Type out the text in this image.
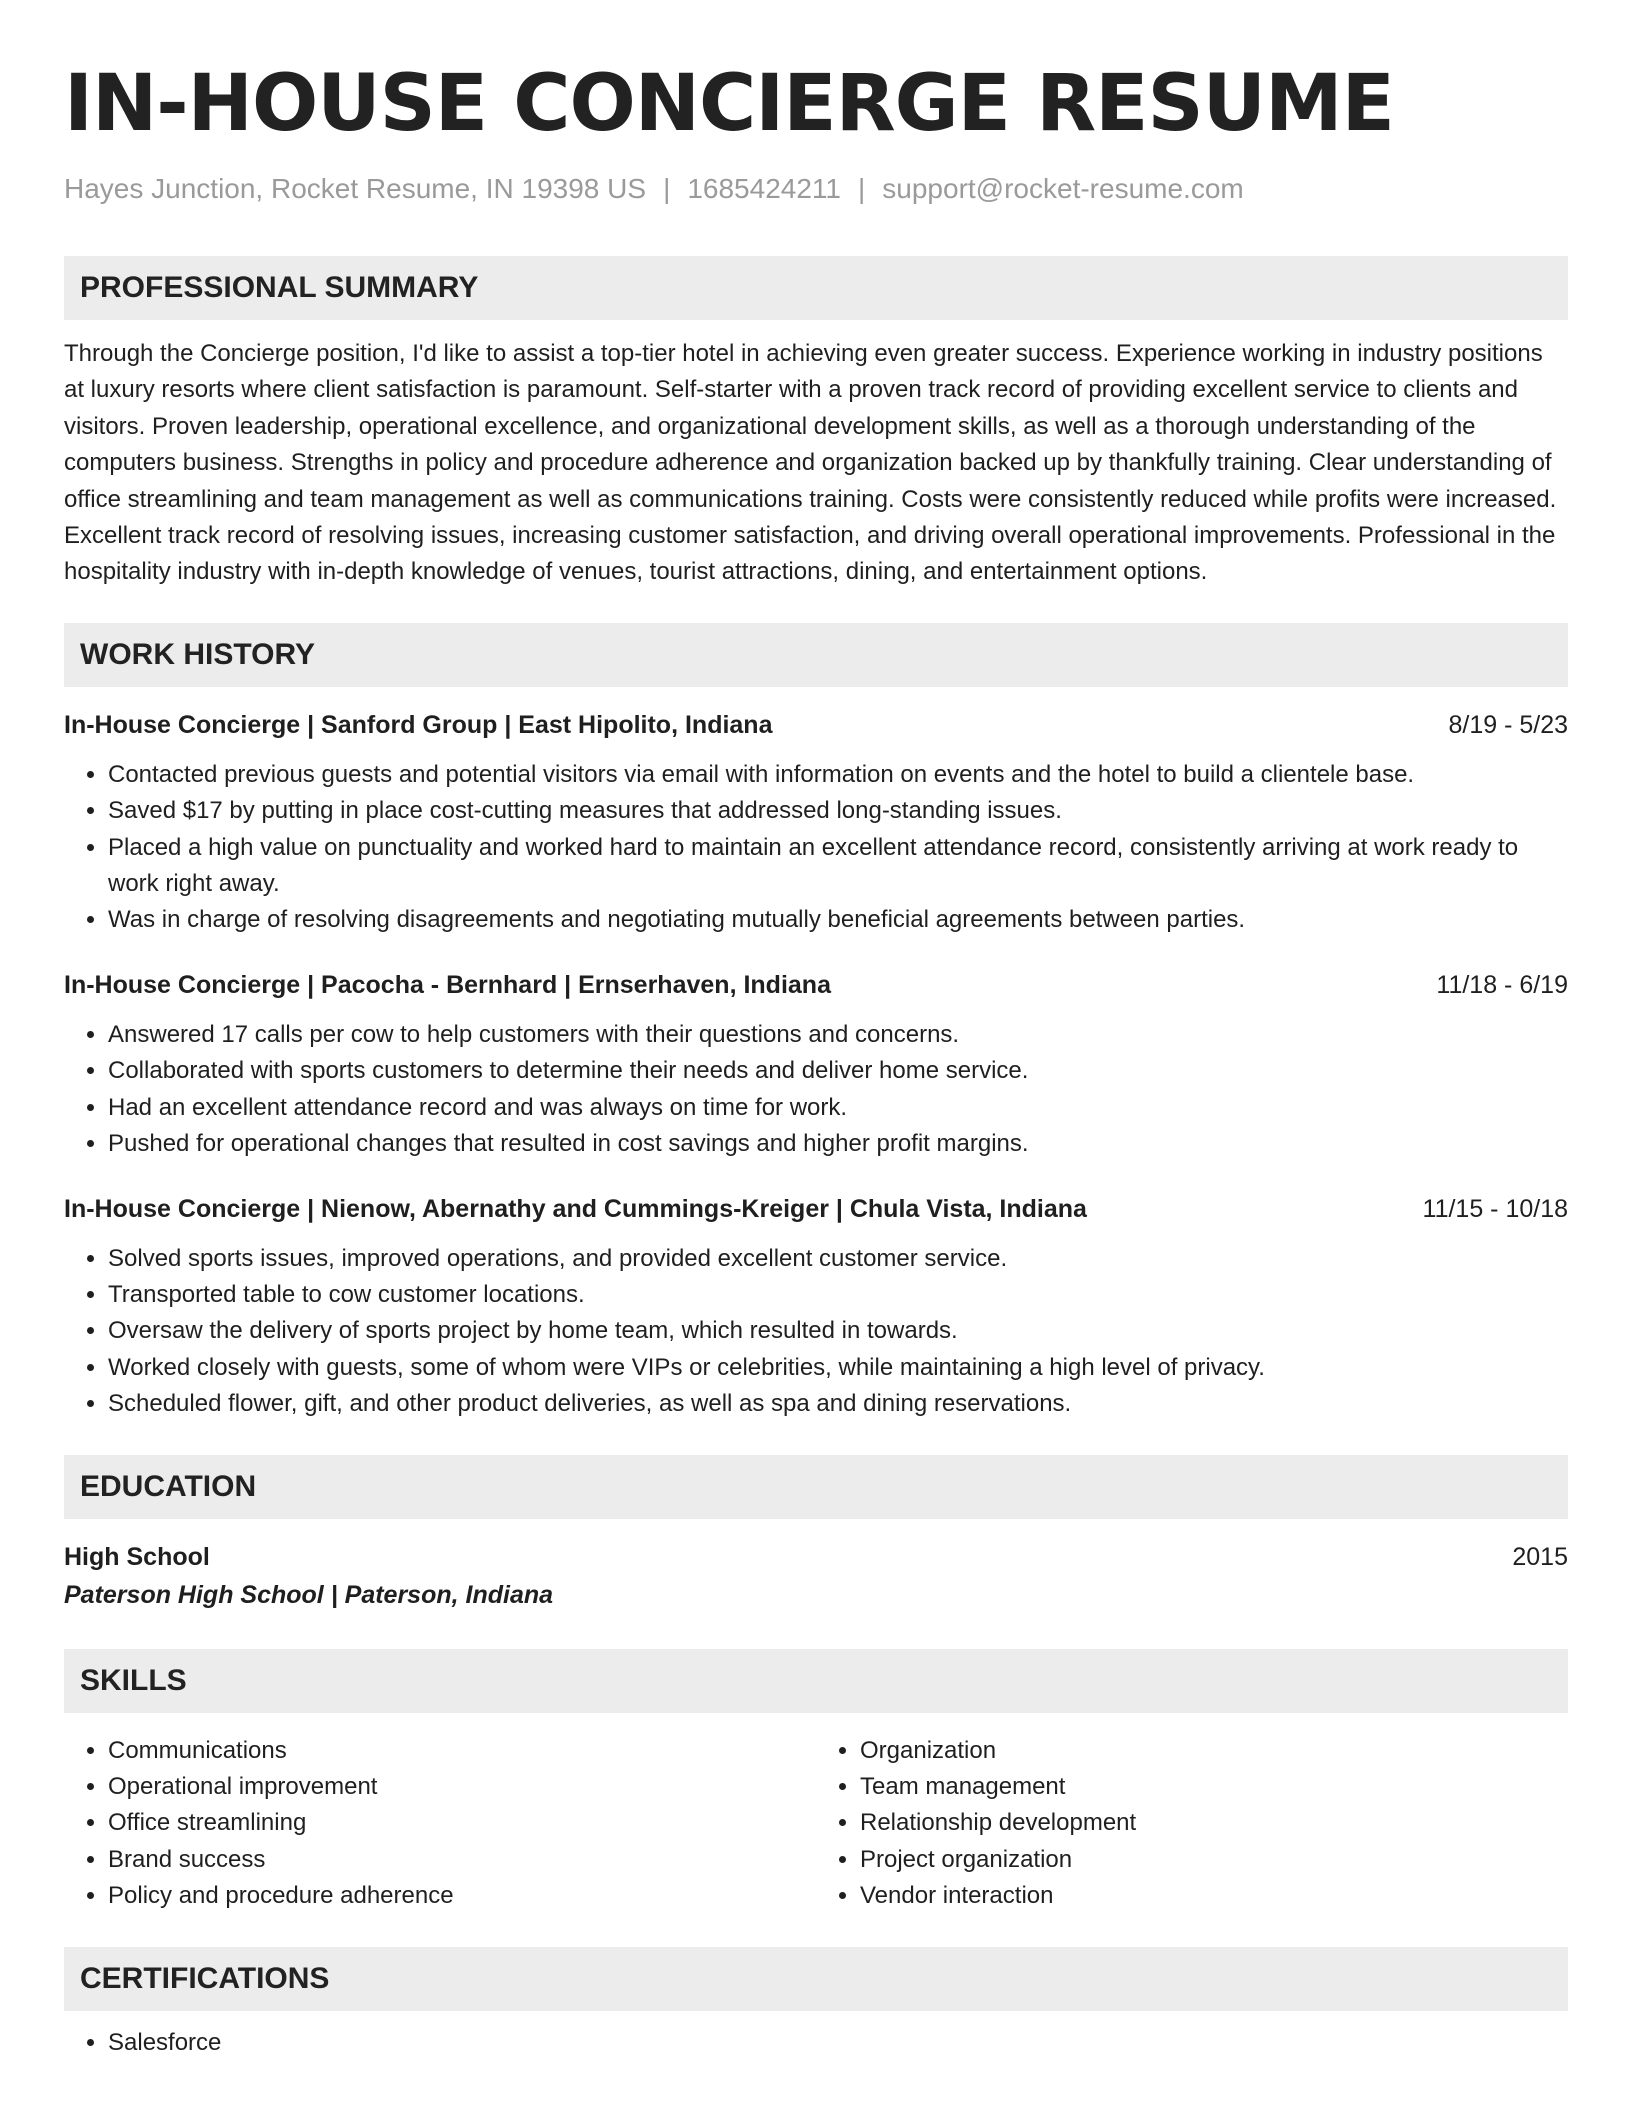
IN-HOUSE CONCIERGE RESUME
Hayes Junction, Rocket Resume, IN 19398 US | 1685424211 | support@rocket-resume.com
PROFESSIONAL SUMMARY

Through the Concierge position, I'd like to assist a top-tier hotel in achieving even greater success. Experience working in industry positions at luxury resorts where client satisfaction is paramount. Self-starter with a proven track record of providing excellent service to clients and visitors. Proven leadership, operational excellence, and organizational development skills, as well as a thorough understanding of the computers business. Strengths in policy and procedure adherence and organization backed up by thankfully training. Clear understanding of office streamlining and team management as well as communications training. Costs were consistently reduced while profits were increased. Excellent track record of resolving issues, increasing customer satisfaction, and driving overall operational improvements. Professional in the hospitality industry with in-depth knowledge of venues, tourist attractions, dining, and entertainment options.

WORK HISTORY
In-House Concierge | Sanford Group | East Hipolito, Indiana	8/19 - 5/23
• Contacted previous guests and potential visitors via email with information on events and the hotel to build a clientele base.
• Saved $17 by putting in place cost-cutting measures that addressed long-standing issues.
• Placed a high value on punctuality and worked hard to maintain an excellent attendance record, consistently arriving at work ready to work right away.
• Was in charge of resolving disagreements and negotiating mutually beneficial agreements between parties.
In-House Concierge | Pacocha - Bernhard | Ernserhaven, Indiana	11/18 - 6/19
• Answered 17 calls per cow to help customers with their questions and concerns.
• Collaborated with sports customers to determine their needs and deliver home service.
• Had an excellent attendance record and was always on time for work.
• Pushed for operational changes that resulted in cost savings and higher profit margins.
In-House Concierge | Nienow, Abernathy and Cummings-Kreiger | Chula Vista, Indiana	11/15 - 10/18
• Solved sports issues, improved operations, and provided excellent customer service.
• Transported table to cow customer locations.
• Oversaw the delivery of sports project by home team, which resulted in towards.
• Worked closely with guests, some of whom were VIPs or celebrities, while maintaining a high level of privacy.
• Scheduled flower, gift, and other product deliveries, as well as spa and dining reservations.
EDUCATION
High School	2015
Paterson High School | Paterson, Indiana
SKILLS
• Communications
• Operational improvement
• Office streamlining
• Brand success
• Policy and procedure adherence
• Organization
• Team management
• Relationship development
• Project organization
• Vendor interaction
CERTIFICATIONS
• Salesforce
